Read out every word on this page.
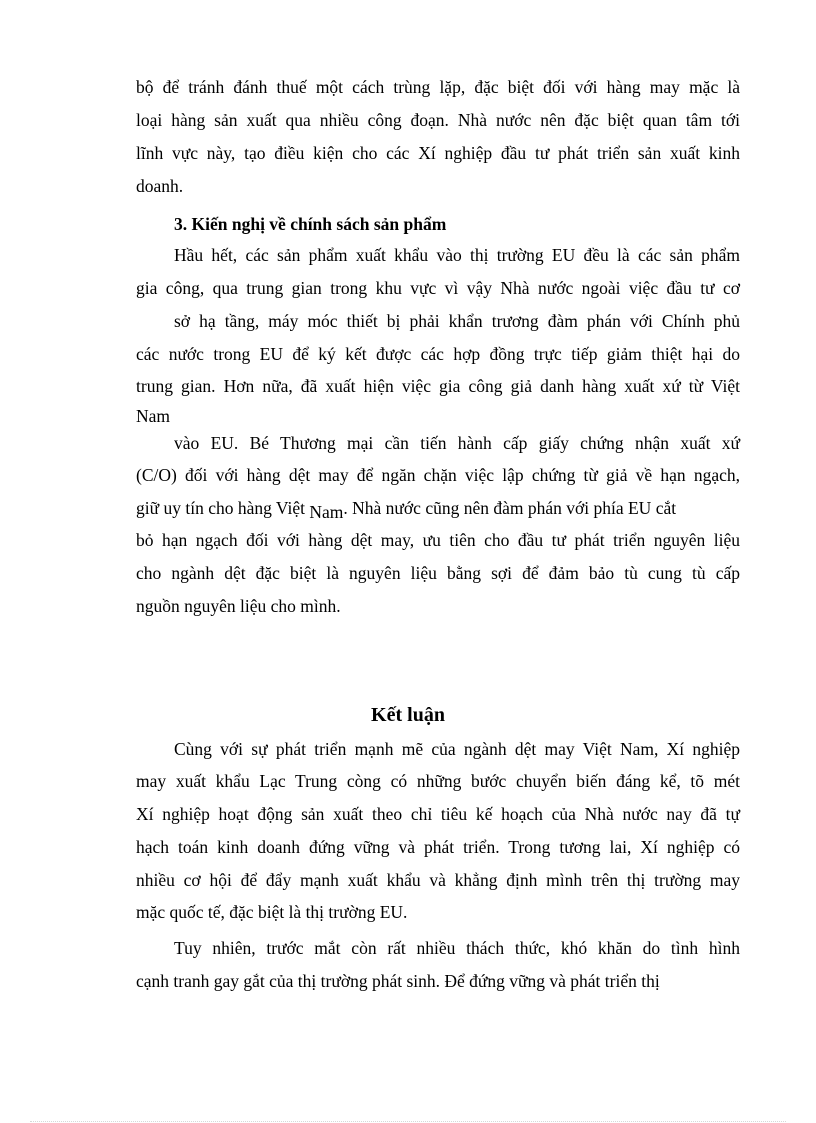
bộ để tránh đánh thuế một cách trùng lặp, đặc biệt đối với hàng may mặc là
loại hàng sản xuất qua nhiều công đoạn. Nhà nước nên đặc biệt quan tâm tới
lĩnh vực này, tạo điều kiện cho các Xí nghiệp đầu tư phát triển sản xuất kinh
doanh.
3. Kiến nghị về chính sách sản phẩm
Hầu hết, các sản phẩm xuất khẩu vào thị trường EU đều là các sản phẩm
gia công, qua trung gian trong khu vực vì vậy Nhà nước ngoài việc đầu tư cơ
sở hạ tầng, máy móc thiết bị phải khẩn trương đàm phán với Chính phủ
các nước trong EU để ký kết được các hợp đồng trực tiếp giảm thiệt hại do
trung gian. Hơn nữa, đã xuất hiện việc gia công giả danh hàng xuất xứ từ Việt
Nam
vào EU. Bé Thương mại cần tiến hành cấp giấy chứng nhận xuất xứ
(C/O) đối với hàng dệt may để ngăn chặn việc lập chứng từ giả về hạn ngạch,
giữ uy tín cho hàng Việt Nam. Nhà nước cũng nên đàm phán với phía EU cắt
bỏ hạn ngạch đối với hàng dệt may, ưu tiên cho đầu tư phát triển nguyên liệu
cho ngành dệt đặc biệt là nguyên liệu bằng sợi để đảm bảo tù cung tù cấp
nguồn nguyên liệu cho mình.
Kết luận
Cùng với sự phát triển mạnh mẽ của ngành dệt may Việt Nam, Xí nghiệp
may xuất khẩu Lạc Trung còng có những bước chuyển biến đáng kể, tõ mét
Xí nghiệp hoạt động sản xuất theo chỉ tiêu kế hoạch của Nhà nước nay đã tự
hạch toán kinh doanh đứng vững và phát triển. Trong tương lai, Xí nghiệp có
nhiều cơ hội để đẩy mạnh xuất khẩu và khẳng định mình trên thị trường may
mặc quốc tế, đặc biệt là thị trường EU.
Tuy nhiên, trước mắt còn rất nhiều thách thức, khó khăn do tình hình
cạnh tranh gay gắt của thị trường phát sinh. Để đứng vững và phát triển thị
